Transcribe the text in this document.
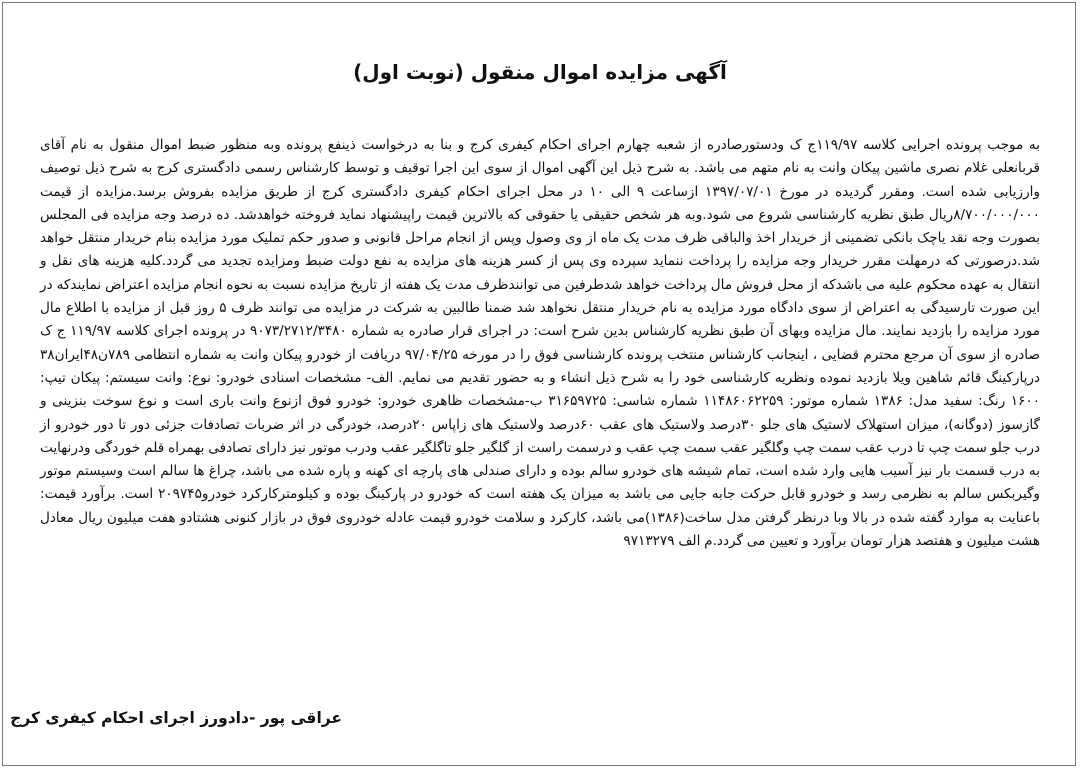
آگهی مزایده اموال منقول (نوبت اول)

به موجب پرونده اجرایی کلاسه ۱۱۹/۹۷ج ک ودستورصادره از شعبه چهارم اجرای احکام کیفری کرج و بنا به درخواست ذینفع پرونده وبه منظور ضبط اموال منقول به نام آقای قربانعلی غلام نصری ماشین پیکان وانت به نام متهم می باشد. به شرح ذیل این آگهی اموال از سوی این اجرا توقیف و توسط کارشناس رسمی دادگستری کرج به شرح ذیل توصیف وارزیابی شده است. ومقرر گردیده در مورخ ۱۳۹۷/۰۷/۰۱ ازساعت ۹ الی ۱۰ در محل اجرای احکام کیفری دادگستری کرج از طریق مزایده بفروش برسد.مزایده از قیمت ۸/۷۰۰/۰۰۰/۰۰۰ریال طبق نظریه کارشناسی شروع می شود.وبه هر شخص حقیقی یا حقوقی که بالاترین قیمت راپیشنهاد نماید فروخته خواهدشد. ده درصد وجه مزایده فی المجلس بصورت وجه نقد یاچک بانکی تضمینی از خریدار اخذ والباقی ظرف مدت یک ماه از وی وصول وپس از انجام مراحل قانونی و صدور حکم تملیک مورد مزایده بنام خریدار منتقل خواهد شد.درصورتی که درمهلت مقرر خریدار وجه مزایده را پرداخت ننماید سپرده وی پس از کسر هزینه های مزایده به نفع دولت ضبط ومزایده تجدید می گردد.کلیه هزینه های نقل و انتقال به عهده محکوم علیه می باشدکه از محل فروش مال پرداخت خواهد شدطرفین می توانندظرف مدت یک هفته از تاریخ مزایده نسبت به نحوه انجام مزایده اعتراض نمایندکه در این صورت تارسیدگی به اعتراض از سوی دادگاه مورد مزایده به نام خریدار منتقل نخواهد شد ضمنا طالبین به شرکت در مزایده می توانند ظرف ۵ روز قبل از مزایده با اطلاع مال مورد مزایده را بازدید نمایند. مال مزایده وبهای آن طبق نظریه کارشناس بدین شرح است: در اجرای قرار صادره به شماره ۹۰۷۳/۲۷۱۲/۳۴۸۰ در پرونده اجرای کلاسه ۱۱۹/۹۷ ج ک صادره از سوی آن مرجع محترم قضایی ، اینجانب کارشناس منتخب پرونده کارشناسی فوق را در مورخه ۹۷/۰۴/۲۵ دریافت از خودرو پیکان وانت به شماره انتظامی ۷۸۹ن۴۸ایران۳۸ درپارکینگ قائم شاهین ویلا بازدید نموده ونظریه کارشناسی خود را به شرح ذیل انشاء و به حضور تقدیم می نمایم. الف- مشخصات اسنادی خودرو: نوع: وانت سیستم: پیکان تیپ: ۱۶۰۰ رنگ: سفید مدل: ۱۳۸۶ شماره موتور: ۱۱۴۸۶۰۶۲۲۵۹ شماره شاسی: ۳۱۶۵۹۷۲۵ ب-مشخصات ظاهری خودرو: خودرو فوق ازنوع وانت باری است و نوع سوخت بنزینی و گازسوز (دوگانه)، میزان استهلاک لاستیک های جلو ۳۰درصد ولاستیک های عقب ۶۰درصد ولاستیک های زاپاس ۲۰درصد، خودرگی در اثر ضربات تصادفات جزئی دور تا دور خودرو از درب جلو سمت چپ تا درب عقب سمت چپ وگلگیر عقب سمت چپ عقب و درسمت راست از گلگیر جلو تاگلگیر عقب ودرب موتور نیز دارای تصادفی بهمراه قلم خوردگی ودرنهایت به درب قسمت بار نیز آسیب هایی وارد شده است، تمام شیشه های خودرو سالم بوده و دارای صندلی های پارچه ای کهنه و پاره شده می باشد، چراغ ها سالم است وسیستم موتور وگیربکس سالم به نظرمی رسد و خودرو قابل حرکت جابه جایی می باشد به میزان یک هفته است که خودرو در پارکینگ بوده و کیلومترکارکرد خودرو۲۰۹۷۴۵ است. برآورد قیمت: باعنایت به موارد گفته شده در بالا وبا درنظر گرفتن مدل ساخت(۱۳۸۶)می باشد، کارکرد و سلامت خودرو قیمت عادله خودروی فوق در بازار کنونی هشتادو هفت میلیون ریال معادل هشت میلیون و هفتصد هزار تومان برآورد و تعیین می گردد.م الف ۹۷۱۳۲۷۹

عراقی پور -دادورز اجرای احکام کیفری کرج
